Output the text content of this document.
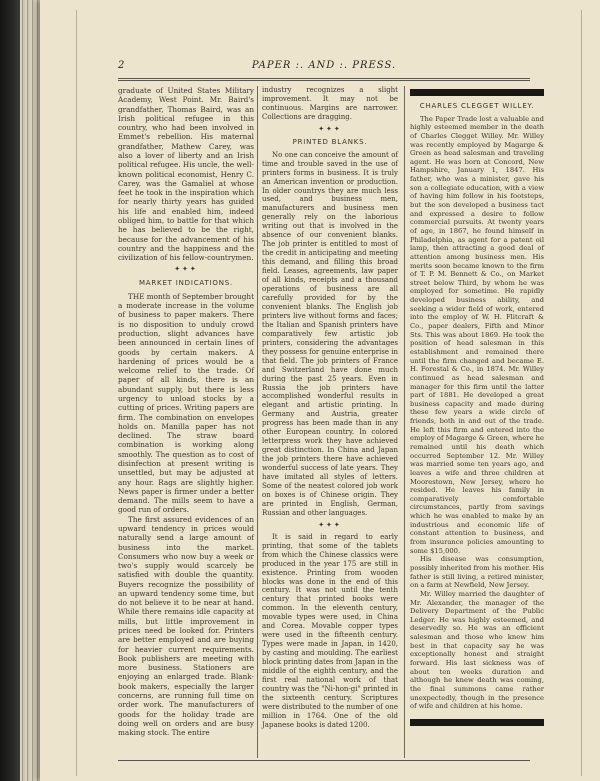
2	PAPER :. AND :. PRESS.

graduate of United States Military Academy, West Point. Mr. Baird's grandfather, Thomas Baird, was an Irish political refugee in this country, who had been involved in Emmet's rebellion. His maternal grandfather, Mathew Carey, was also a lover of liberty and an Irish political refugee. His uncle, the well-known political economist, Henry C. Carey, was the Gamaliel at whose feet he took in the inspiration which for nearly thirty years has guided his life and enabled him, indeed obliged him, to battle for that which he has believed to be the right, because for the advancement of his country and the happiness and the civilization of his fellow-countrymen.

✦✦✦
MARKET INDICATIONS.

THE month of September brought a moderate increase in the volume of business to paper makers. There is no disposition to unduly crowd production, slight advances have been announced in certain lines of goods by certain makers. A hardening of prices would be a welcome relief to the trade. Of paper of all kinds, there is an abundant supply, but there is less urgency to unload stocks by a cutting of prices. Writing papers are firm. The combination on envelopes holds on. Manilla paper has not declined. The straw board combination is working along smoothly. The question as to cost of disinfection at present writing is unsettled, but may be adjusted at any hour. Rags are slightly higher. News paper is firmer under a better demand. The mills seem to have a good run of orders.

The first assured evidences of an upward tendency in prices would naturally send a large amount of business into the market. Consumers who now buy a week or two's supply would scarcely be satisfied with double the quantity. Buyers recognize the possibility of an upward tendency some time, but do not believe it to be near at hand. While there remains idle capacity at mills, but little improvement in prices need be looked for. Printers are better employed and are buying for heavier current requirements. Book publishers are meeting with more business. Stationers are enjoying an enlarged trade. Blank-book makers, especially the larger concerns, are running full time on order work. The manufacturers of goods for the holiday trade are doing well on orders and are busy making stock. The entire

industry recognizes a slight improvement. It may not be continuous. Margins are narrower. Collections are dragging.

✦✦✦
PRINTED BLANKS.

No one can conceive the amount of time and trouble saved in the use of printers forms in business. It is truly an American invention or production. In older countrys they are much less used, and business men, manufacturers and business men generally rely on the laborious writing out that is involved in the absence of our convenient blanks. The job printer is entitled to most of the credit in anticipating and meeting this demand, and filling this broad field. Leases, agreements, law paper of all kinds, receipts and a thousand operations of business are all carefully provided for by the convenient blanks. The English job printers live without forms and faces; the Italian and Spanish printers have comparatively few artistic job printers, considering the advantages they possess for genuine enterprise in that field. The job printers of France and Switzerland have done much during the past 25 years. Even in Russia the job printers have accomplished wonderful results in elegant and artistic printing. In Germany and Austria, greater progress has been made than in any other European country. In colored letterpress work they have achieved great distinction. In China and Japan the job printers there have achieved wonderful success of late years. They have imitated all styles of letters. Some of the neatest colored job work on boxes is of Chinese origin. They are printed in English, German, Russian and other languages.

✦✦✦

It is said in regard to early printing, that some of the tablets from which the Chinese classics were produced in the year 175 are still in existence. Printing from wooden blocks was done in the end of this century. It was not until the tenth century that printed books were common. In the eleventh century, movable types were used, in China and Corea. Movable copper types were used in the fifteenth century. Types were made in Japan, in 1420, by casting and moulding. The earliest block printing dates from Japan in the middle of the eighth century, and the first real national work of that country was the "Ni-hon-gi" printed in the sixteenth century. Scriptures were distributed to the number of one million in 1764. One of the old Japanese books is dated 1200.

CHARLES CLEGGET WILLEY.

The Paper Trade lost a valuable and highly esteemed member in the death of Charles Clegget Willey. Mr. Willey was recently employed by Magarge & Green as head salesman and traveling agent. He was born at Concord, New Hampshire, January 1, 1847. His father, who was a minister, gave his son a collegiate education, with a view of having him follow in his footsteps, but the son developed a business tact and expressed a desire to follow commercial pursuits. At twenty years of age, in 1867, he found himself in Philadelphia, as agent for a patent oil lamp, then attracting a good deal of attention among business men. His merits soon became known to the firm of T. P. M. Bennett & Co., on Market street below Third, by whom he was employed for sometime. He rapidly developed business ability, and seeking a wider field of work, entered into the employ of W. H. Flitcraft & Co., paper dealers, Fifth and Minor Sts. This was about 1869. He took the position of head salesman in this establishment and remained there until the firm changed and became E. H. Forestal & Co., in 1874. Mr. Willey continued as head salesman and manager for this firm until the latter part of 1881. He developed a great business capacity and made during these few years a wide circle of friends, both in and out of the trade. He left this firm and entered into the employ of Magarge & Green, where he remained until his death which occurred September 12. Mr. Willey was married some ten years ago, and leaves a wife and three children at Moorestown, New Jersey, where he resided. He leaves his family in comparatively comfortable circumstances, partly from savings which he was enabled to make by an industrious and economic life of constant attention to business, and from insurance policies amounting to some $15,000.

His disease was consumption, possibly inherited from his mother. His father is still living, a retired minister, on a farm at Newfield, New Jersey.

Mr. Willey married the daughter of Mr. Alexander, the manager of the Delivery Department of the Public Ledger. He was highly esteemed, and deservedly so. He was an efficient salesman and those who knew him best in that capacity say he was exceptionally honest and straight forward. His last sickness was of about ten weeks duration and although he knew death was coming, the final summons came rather unexpectedly, though in the presence of wife and children at his home.
